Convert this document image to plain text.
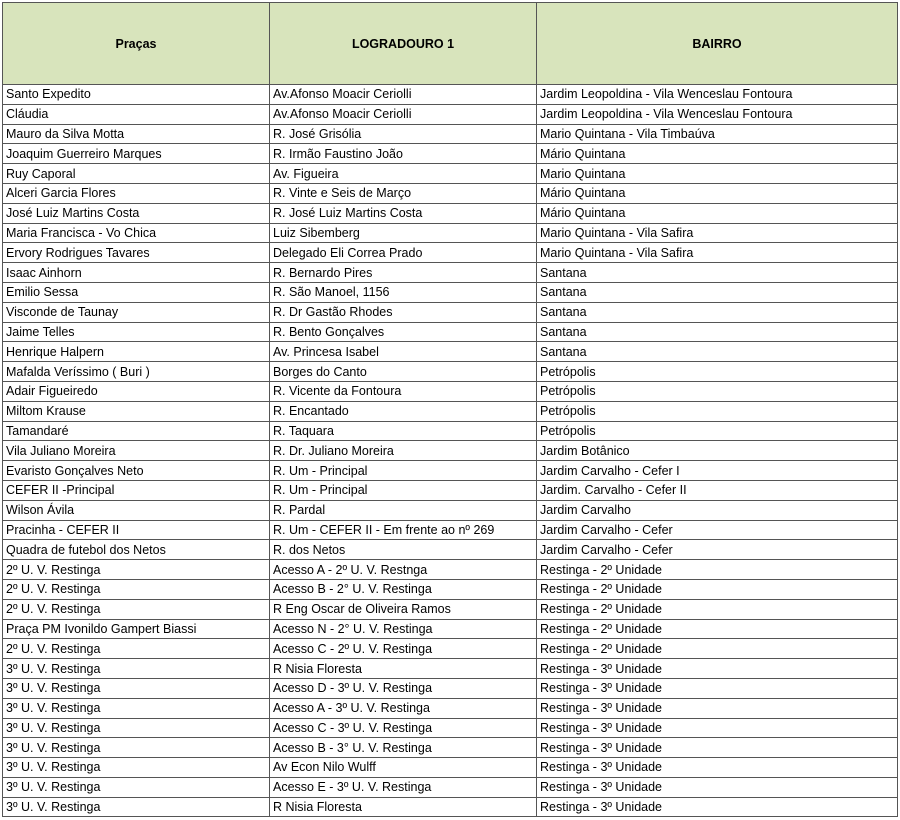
Praças	LOGRADOURO 1	BAIRRO
Santo Expedito	Av.Afonso Moacir Ceriolli	Jardim Leopoldina - Vila Wenceslau Fontoura
Cláudia	Av.Afonso Moacir Ceriolli	Jardim Leopoldina - Vila Wenceslau Fontoura
Mauro da Silva Motta	R. José Grisólia	Mario Quintana - Vila Timbaúva
Joaquim Guerreiro Marques	R. Irmão Faustino João	Mário Quintana
Ruy Caporal	Av. Figueira	Mario Quintana
Alceri Garcia Flores	R. Vinte e Seis de Março	Mário Quintana
José Luiz Martins Costa	R. José Luiz Martins Costa	Mário Quintana
Maria Francisca - Vo Chica	Luiz Sibemberg	Mario Quintana - Vila Safira
Ervory Rodrigues Tavares	Delegado Eli Correa Prado	Mario Quintana - Vila Safira
Isaac Ainhorn	R. Bernardo Pires	Santana
Emilio Sessa	R. São Manoel, 1156	Santana
Visconde de Taunay	R. Dr Gastão Rhodes	Santana
Jaime Telles	R. Bento Gonçalves	Santana
Henrique Halpern	Av. Princesa Isabel	Santana
Mafalda Veríssimo ( Buri )	Borges do Canto	Petrópolis
Adair Figueiredo	R. Vicente da Fontoura	Petrópolis
Miltom Krause	R. Encantado	Petrópolis
Tamandaré	R. Taquara	Petrópolis
Vila Juliano Moreira	R. Dr. Juliano Moreira	Jardim Botânico
Evaristo Gonçalves Neto	R. Um - Principal	Jardim Carvalho - Cefer I
CEFER II -Principal	R. Um - Principal	Jardim. Carvalho - Cefer II
Wilson Ávila	R. Pardal	Jardim Carvalho
Pracinha - CEFER II	R. Um - CEFER II - Em frente ao nº 269	Jardim Carvalho - Cefer
Quadra de futebol dos Netos	R. dos Netos	Jardim Carvalho - Cefer
2º U. V. Restinga	Acesso A - 2º U. V. Restnga	Restinga - 2º Unidade
2º U. V. Restinga	Acesso B - 2° U. V. Restinga	Restinga - 2º Unidade
2º U. V. Restinga	R Eng Oscar de Oliveira Ramos	Restinga - 2º Unidade
Praça PM Ivonildo Gampert Biassi	Acesso N - 2° U. V. Restinga	Restinga - 2º Unidade
2º U. V. Restinga	Acesso C - 2º U. V. Restinga	Restinga - 2º Unidade
3º U. V. Restinga	R Nisia Floresta	Restinga - 3º Unidade
3º U. V. Restinga	Acesso D - 3º U. V. Restinga	Restinga - 3º Unidade
3º U. V. Restinga	Acesso A - 3º U. V. Restinga	Restinga - 3º Unidade
3º U. V. Restinga	Acesso C - 3º U. V. Restinga	Restinga - 3º Unidade
3º U. V. Restinga	Acesso B - 3° U. V. Restinga	Restinga - 3º Unidade
3º U. V. Restinga	Av Econ Nilo Wulff	Restinga - 3º Unidade
3º U. V. Restinga	Acesso E - 3º U. V. Restinga	Restinga - 3º Unidade
3º U. V. Restinga	R Nisia Floresta	Restinga - 3º Unidade
